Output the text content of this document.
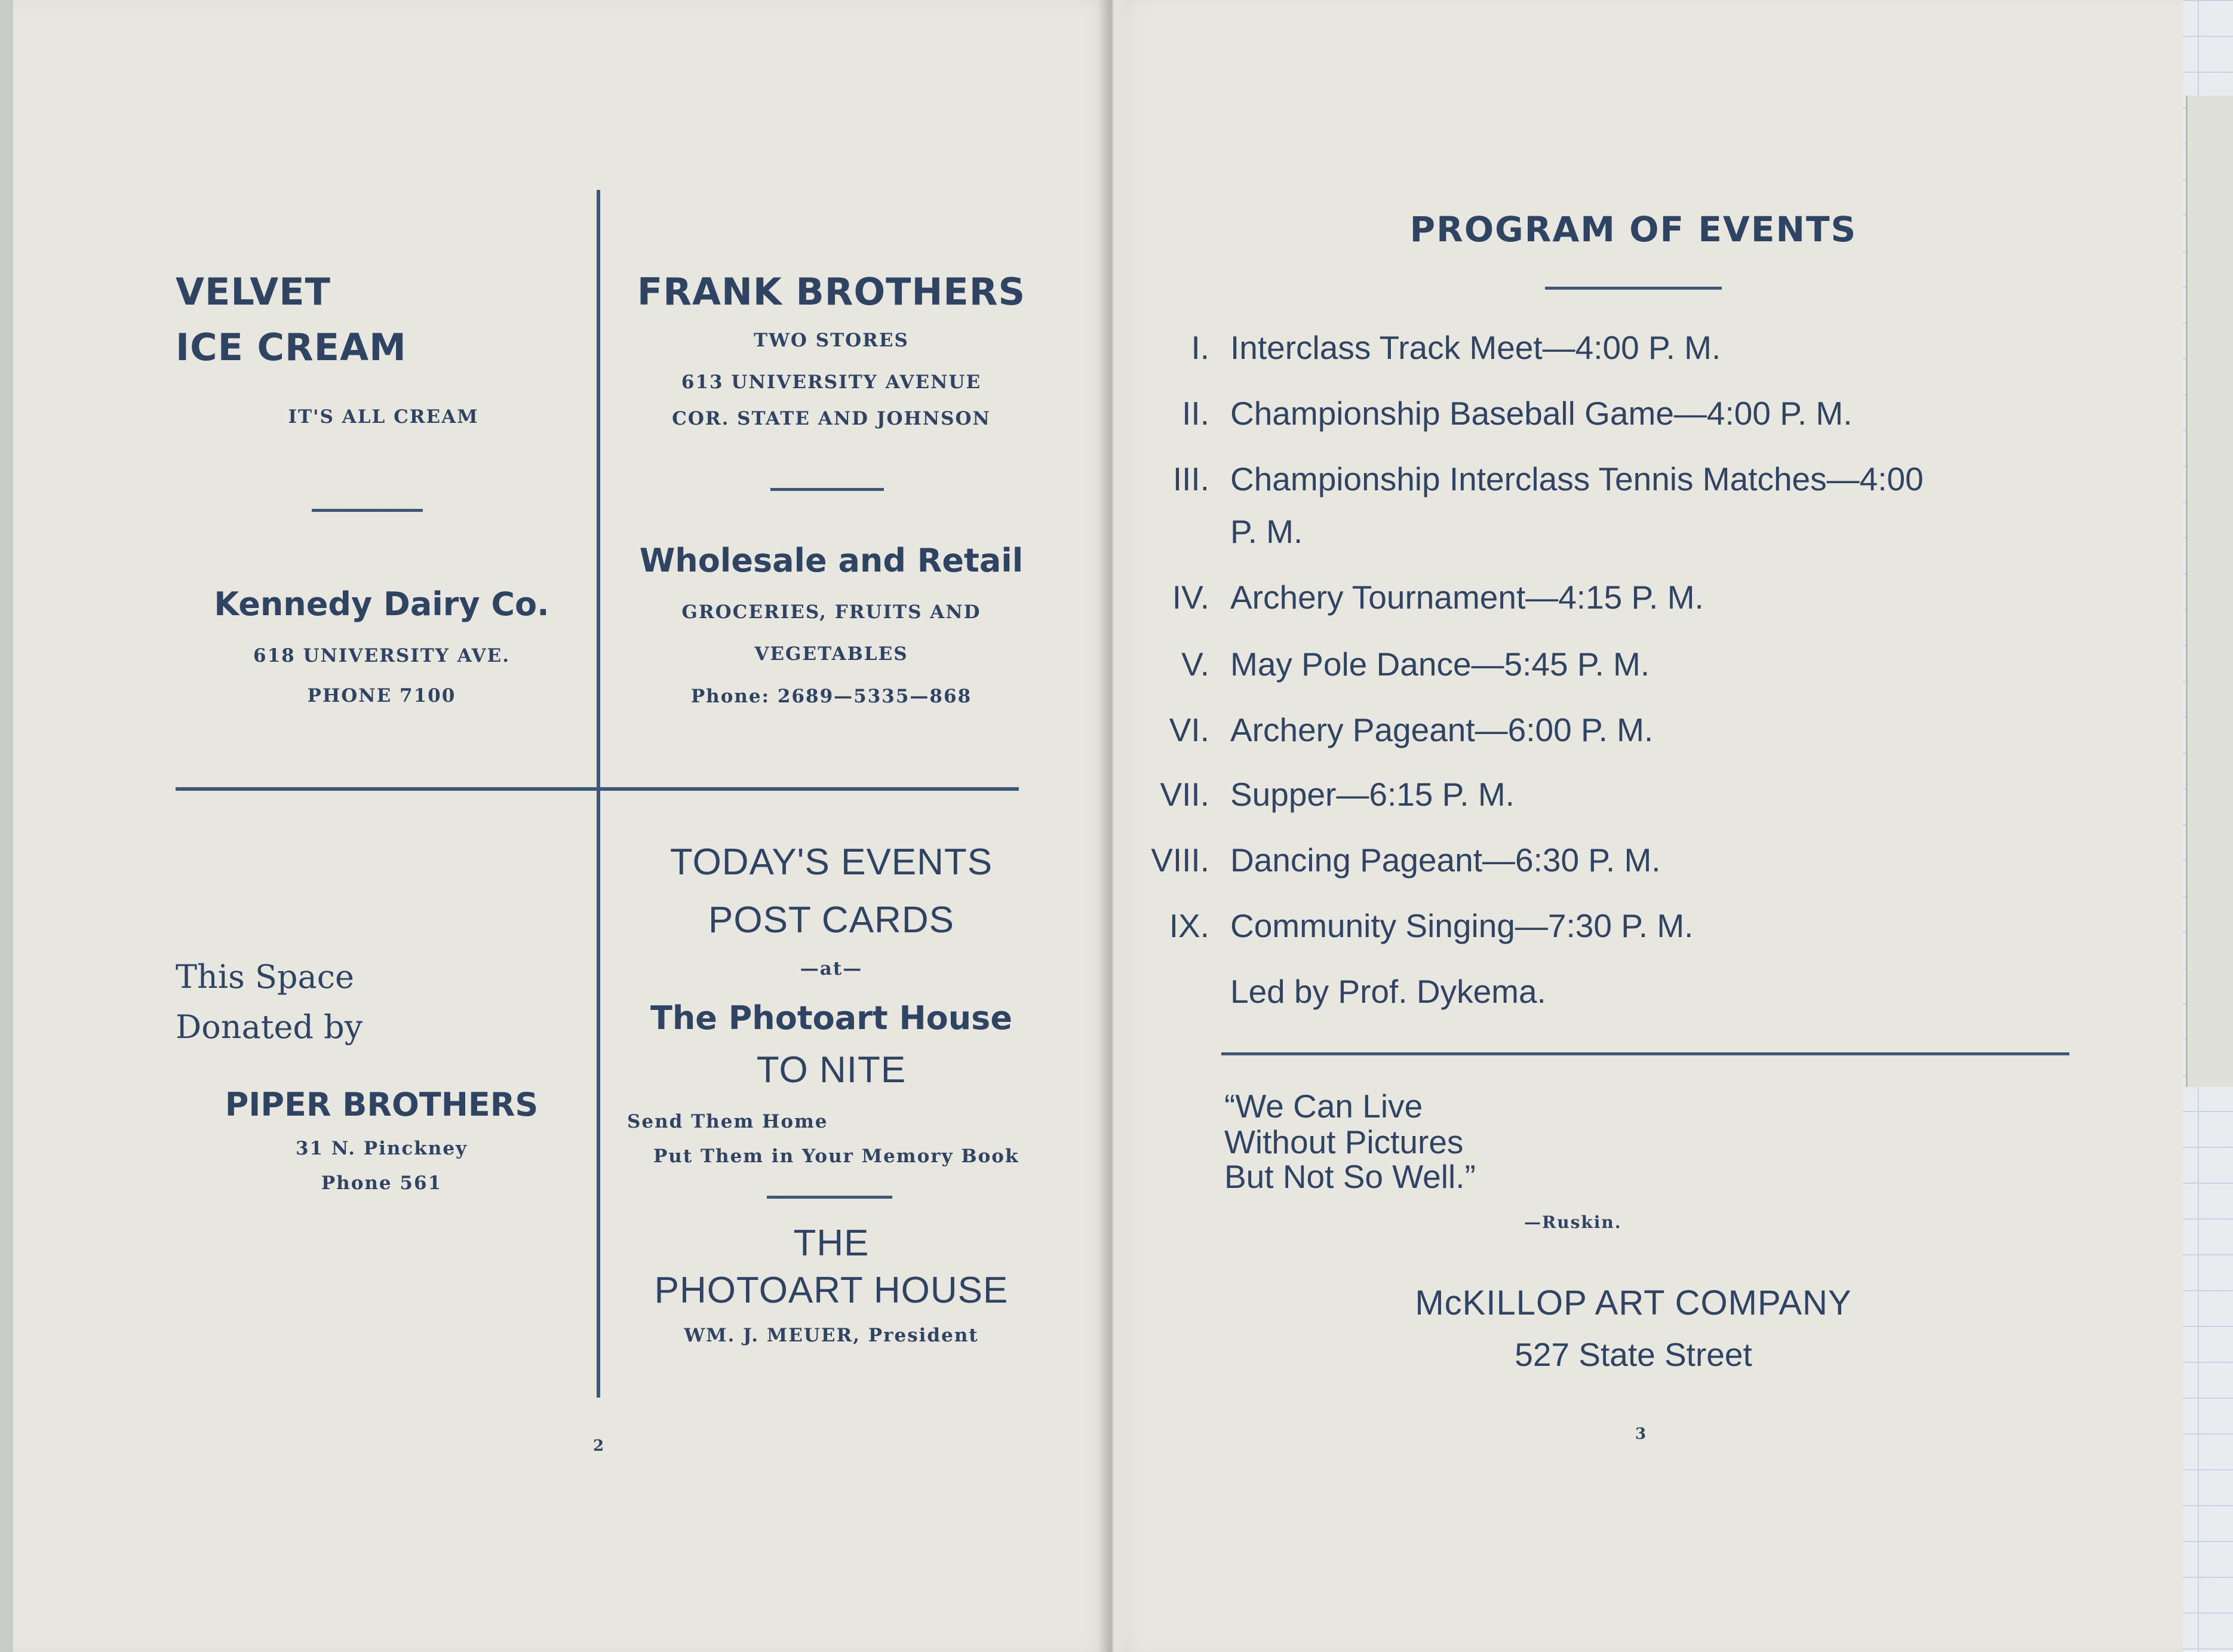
VELVET
ICE CREAM
IT'S ALL CREAM
Kennedy Dairy Co.
618 UNIVERSITY AVE.
PHONE 7100
FRANK BROTHERS
TWO STORES
613 UNIVERSITY AVENUE
COR. STATE AND JOHNSON
Wholesale and Retail
GROCERIES, FRUITS AND
VEGETABLES
Phone: 2689—5335—868
This Space
Donated by
PIPER BROTHERS
31 N. Pinckney
Phone 561
TODAY'S EVENTS
POST CARDS
—at—
The Photoart House
TO NITE
Send Them Home
Put Them in Your Memory Book
THE
PHOTOART HOUSE
WM. J. MEUER, President
2
PROGRAM OF EVENTS
I. Interclass Track Meet—4:00 P. M.
II. Championship Baseball Game—4:00 P. M.
III. Championship Interclass Tennis Matches—4:00
P. M.
IV. Archery Tournament—4:15 P. M.
V. May Pole Dance—5:45 P. M.
VI. Archery Pageant—6:00 P. M.
VII. Supper—6:15 P. M.
VIII. Dancing Pageant—6:30 P. M.
IX. Community Singing—7:30 P. M.
Led by Prof. Dykema.
“We Can Live
Without Pictures
But Not So Well.”
—Ruskin.
McKILLOP ART COMPANY
527 State Street
3
